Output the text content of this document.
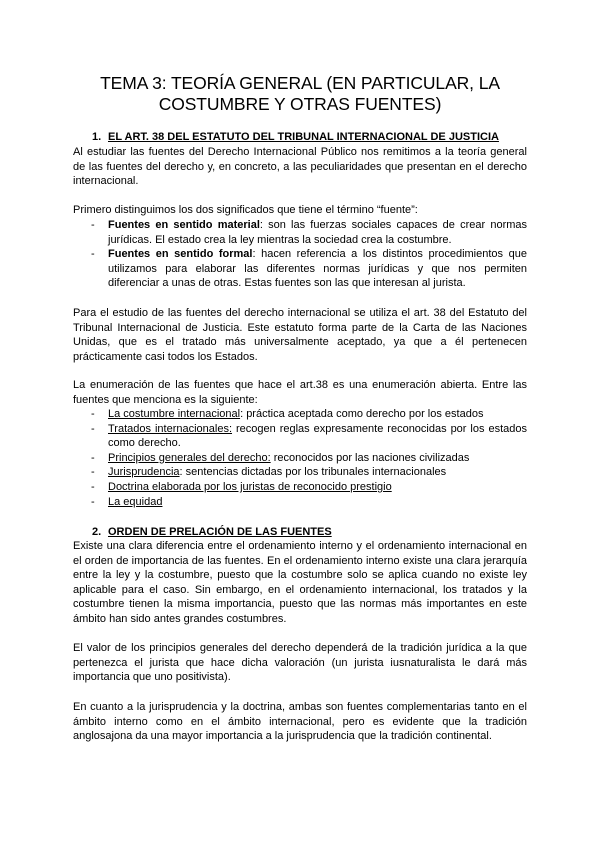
TEMA 3: TEORÍA GENERAL (EN PARTICULAR, LA
COSTUMBRE Y OTRAS FUENTES)
1. EL ART. 38 DEL ESTATUTO DEL TRIBUNAL INTERNACIONAL DE JUSTICIA
Al estudiar las fuentes del Derecho Internacional Público nos remitimos a la teoría general de las fuentes del derecho y, en concreto, a las peculiaridades que presentan en el derecho internacional.
Primero distinguimos los dos significados que tiene el término “fuente”:
- Fuentes en sentido material: son las fuerzas sociales capaces de crear normas jurídicas. El estado crea la ley mientras la sociedad crea la costumbre.
- Fuentes en sentido formal: hacen referencia a los distintos procedimientos que utilizamos para elaborar las diferentes normas jurídicas y que nos permiten diferenciar a unas de otras. Estas fuentes son las que interesan al jurista.
Para el estudio de las fuentes del derecho internacional se utiliza el art. 38 del Estatuto del Tribunal Internacional de Justicia. Este estatuto forma parte de la Carta de las Naciones Unidas, que es el tratado más universalmente aceptado, ya que a él pertenecen prácticamente casi todos los Estados.
La enumeración de las fuentes que hace el art.38 es una enumeración abierta. Entre las fuentes que menciona es la siguiente:
- La costumbre internacional: práctica aceptada como derecho por los estados
- Tratados internacionales: recogen reglas expresamente reconocidas por los estados como derecho.
- Principios generales del derecho: reconocidos por las naciones civilizadas
- Jurisprudencia: sentencias dictadas por los tribunales internacionales
- Doctrina elaborada por los juristas de reconocido prestigio
- La equidad
2. ORDEN DE PRELACIÓN DE LAS FUENTES
Existe una clara diferencia entre el ordenamiento interno y el ordenamiento internacional en el orden de importancia de las fuentes. En el ordenamiento interno existe una clara jerarquía entre la ley y la costumbre, puesto que la costumbre solo se aplica cuando no existe ley aplicable para el caso. Sin embargo, en el ordenamiento internacional, los tratados y la costumbre tienen la misma importancia, puesto que las normas más importantes en este ámbito han sido antes grandes costumbres.
El valor de los principios generales del derecho dependerá de la tradición jurídica a la que pertenezca el jurista que hace dicha valoración (un jurista iusnaturalista le dará más importancia que uno positivista).
En cuanto a la jurisprudencia y la doctrina, ambas son fuentes complementarias tanto en el ámbito interno como en el ámbito internacional, pero es evidente que la tradición anglosajona da una mayor importancia a la jurisprudencia que la tradición continental.
